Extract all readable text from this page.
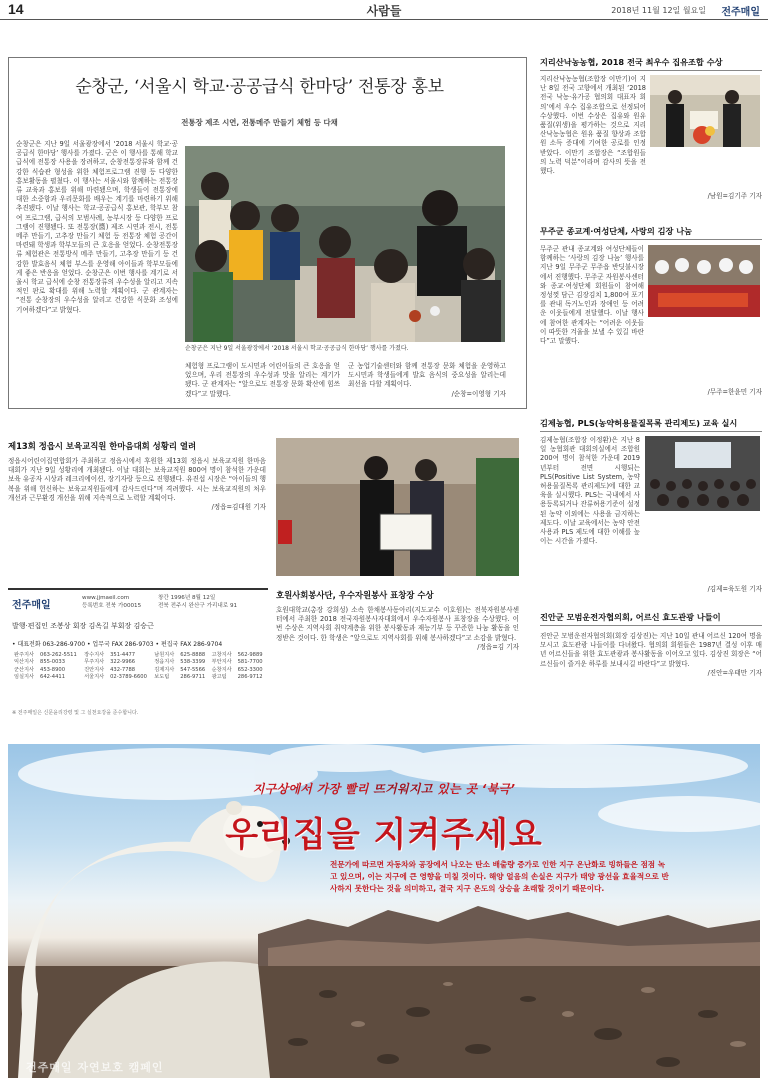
14	사람들	2018년 11월 12일 월요일 전주매일
순창군, ‘서울시 학교·공공급식 한마당’ 전통장 홍보
전통장 제조 시연, 전통메주 만들기 체험 등 다채
순창군은 지난 9일 서울광장에서 ‘2018 서울시 학교·공공급식 한마당’ 행사를 가졌다. 군은 이 행사를 통해 학교 급식에 전통장 사용을 장려하고, 순창전통장류와 함께 건강한 식습관 형성을 위한 체험프로그램 진행 등 다양한 홍보활동을 펼쳤다. 이 행사는 서울시와 함께하는 전통장류 교육과 홍보를 위해 마련됐으며, 학생들이 전통장에 대한 소중함과 우리문화를 배우는 계기를 마련하기 위해 추진됐다. 이날 행사는 학교·공공급식 홍보관, 학부모 참여 프로그램, 급식의 모범사례, 농부시장 등 다양한 프로그램이 진행됐다. 또 전통장(醬) 제조 시연과 전시, 전통메주 만들기, 고추장 만들기 체험 등 전통장 체험 공간이 마련돼 학생과 학부모들의 큰 호응을 얻었다. 순창전통장류 체험관은 전통방식 메주 만들기, 고추장 만들기 등 건강한 발효음식 체험 부스를 운영해 아이들과 학부모들에게 좋은 반응을 얻었다. 순창군은 이번 행사를 계기로 서울시 학교 급식에 순창 전통장류의 우수성을 알리고 지속적인 판로 확대를 위해 노력할 계획이다. 군 관계자는 “전통 순창장의 우수성을 알리고 건강한 식문화 조성에 기여하겠다”고 밝혔다.
순창군은 지난 9일 서울광장에서 ‘2018 서울시 학교·공공급식 한마당’ 행사를 가졌다.
체험형 프로그램이 도시민과 어린이들의 큰 호응을 얻었으며, 우리 전통장의 우수성과 맛을 알리는 계기가 됐다. 군 관계자는 “앞으로도 전통장 문화 확산에 힘쓰겠다”고 말했다.
군 농업기술센터와 함께 전통장 문화 체험을 운영하고 도시민과 학생들에게 발효 음식의 중요성을 알리는데 최선을 다할 계획이다.
/순창=이영형 기자
지리산낙농농협, 2018 전국 최우수 집유조합 수상
지리산낙농농협(조합장 이만기)이 지난 8일 전국 고향에서 개최된 ‘2018 전국 낙농·유가공 협의회 대표자 회의’에서 우수 집유조합으로 선정되어 수상했다. 이번 수상은 집유와 원유 품질(위생)을 평가하는 것으로 지리산낙농농협은 원유 품질 향상과 조합원 소득 증대에 기여한 공로를 인정받았다. 이만기 조합장은 “조합원들의 노력 덕분”이라며 감사의 뜻을 전했다.
/남원=김기주 기자
무주군 종교계·여성단체, 사랑의 김장 나눔
무주군 관내 종교계와 여성단체들이 함께하는 ‘사랑의 김장 나눔’ 행사를 지난 9일 무주군 무주읍 반딧불시장에서 진행했다. 무주군 자원봉사센터와 종교·여성단체 회원들이 참여해 정성껏 담근 김장김치 1,800여 포기를 관내 독거노인과 장애인 등 어려운 이웃들에게 전달했다. 이날 행사에 참여한 관계자는 “어려운 이웃들이 따뜻한 겨울을 보낼 수 있길 바란다”고 말했다.
/무주=한윤민 기자
김제농협, PLS(농약허용물질목록 관리제도) 교육 실시
김제농협(조합장 이정환)은 지난 8일 농협회관 대회의실에서 조합원 200여 명이 참석한 가운데 2019년부터 전면 시행되는 PLS(Positive List System, 농약허용물질목록 관리제도)에 대한 교육을 실시했다. PLS는 국내에서 사용등록되거나 잔류허용기준이 설정된 농약 이외에는 사용을 금지하는 제도다. 이날 교육에서는 농약 안전사용과 PLS 제도에 대한 이해를 높이는 시간을 가졌다.
/김제=육도원 기자
진안군 모범운전자협의회, 어르신 효도관광 나들이
진안군 모범운전자협의회(회장 김상진)는 지난 10일 관내 어르신 120여 명을 모시고 효도관광 나들이를 다녀왔다. 협의회 회원들은 1987년 결성 이후 매년 어르신들을 위한 효도관광과 봉사활동을 이어오고 있다. 김상진 회장은 “어르신들이 즐거운 하루를 보내시길 바란다”고 밝혔다.
/진안=우태만 기자
제13회 정읍시 보육교직원 한마음대회 성황리 열려
정읍시어린이집연합회가 주최하고 정읍시에서 후원한 제13회 정읍시 보육교직원 한마음대회가 지난 9일 성황리에 개최됐다. 이날 대회는 보육교직원 800여 명이 참석한 가운데 보육 유공자 시상과 레크리에이션, 장기자랑 등으로 진행됐다. 유진섭 시장은 “아이들의 행복을 위해 헌신하는 보육교직원들에게 감사드린다”며 격려했다. 시는 보육교직원의 처우 개선과 근무환경 개선을 위해 지속적으로 노력할 계획이다.
/정읍=김대원 기자
호원사회봉사단, 우수자원봉사 표창장 수상
호원대학교(총장 강희성) 소속 한채봉사동아리(지도교수 이호원)는 전북자원봉사센터에서 주최한 2018 전국자원봉사자대회에서 우수자원봉사 표창장을 수상했다. 이번 수상은 지역사회 취약계층을 위한 봉사활동과 재능기부 등 꾸준한 나눔 활동을 인정받은 것이다. 한 학생은 “앞으로도 지역사회를 위해 봉사하겠다”고 소감을 밝혔다.
/정읍=김 기자
전주매일
www.jjmaeil.com
등록번호 전북 가00015
창간 1996년 8월 12일
전북 전주시 완산구 가리내로 91
발행·편집인 조봉상 회장 김옥길 부회장 김승근
• 대표전화 063-286-9700 • 업무국 FAX 286-9703 • 편집국 FAX 286-9704
완주지사	063-262-5511	장수지사	351-4477	남원지사	625-8888	고창지사	562-9889
익산지사	855-0033	무주지사	322-9966	정읍지사	538-3399	부안지사	581-7700
군산지사	453-8900	진안지사	432-7788	김제지사	547-5566	순창지사	652-3300
임실지사	642-4411	서울지사	02-3789-6600	보도팀	286-9711	광고팀	286-9712
※ 전주매일은 신문윤리강령 및 그 실천요강을 준수합니다.
지구상에서 가장 빨리 뜨거워지고 있는 곳 ‘북극’
우리집을 지켜주세요
전문가에 따르면 자동차와 공장에서 나오는 탄소 배출량 증가로 인한 지구 온난화로 빙하들은 점점 녹고 있으며, 이는 지구에 큰 영향을 미칠 것이다. 해양 얼음의 손실은 지구가 태양 광선을 효율적으로 반사하지 못한다는 것을 의미하고, 결국 지구 온도의 상승을 초래할 것이기 때문이다.
전주매일 자연보호 캠페인
